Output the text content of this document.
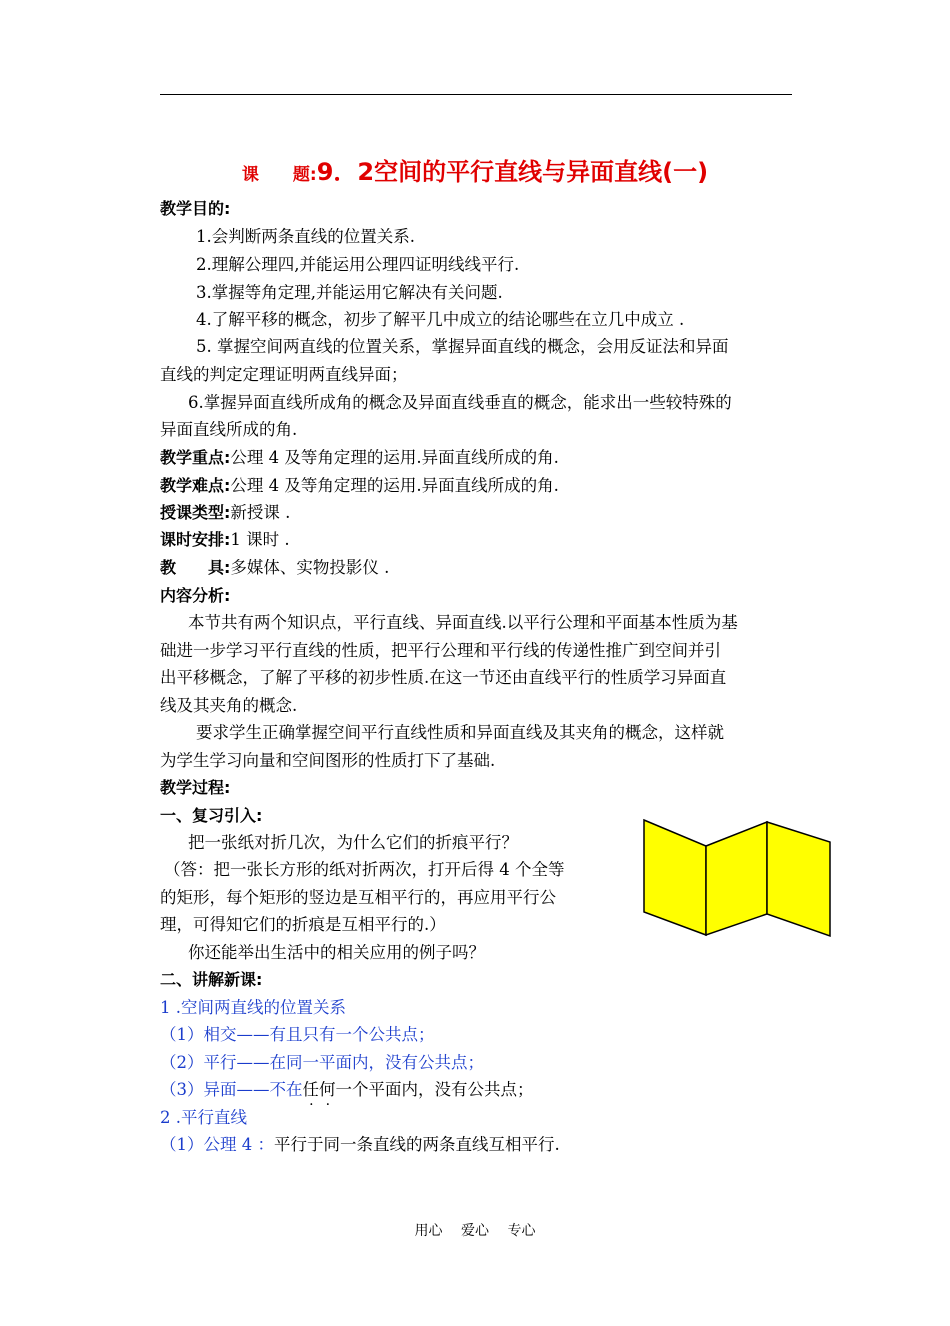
课　　题:9．2空间的平行直线与异面直线(一)
教学目的:
1.会判断两条直线的位置关系.
2.理解公理四,并能运用公理四证明线线平行.
3.掌握等角定理,并能运用它解决有关问题.
4.了解平移的概念，初步了解平几中成立的结论哪些在立几中成立 .
5. 掌握空间两直线的位置关系，掌握异面直线的概念，会用反证法和异面
直线的判定定理证明两直线异面；
6.掌握异面直线所成角的概念及异面直线垂直的概念，能求出一些较特殊的
异面直线所成的角.
教学重点:公理 4 及等角定理的运用.异面直线所成的角.
教学难点:公理 4 及等角定理的运用.异面直线所成的角.
授课类型:新授课 .
课时安排:1 课时 .
教　　具:多媒体、实物投影仪 .
内容分析:
本节共有两个知识点，平行直线、异面直线.以平行公理和平面基本性质为基
础进一步学习平行直线的性质，把平行公理和平行线的传递性推广到空间并引
出平移概念，了解了平移的初步性质.在这一节还由直线平行的性质学习异面直
线及其夹角的概念.
要求学生正确掌握空间平行直线性质和异面直线及其夹角的概念，这样就
为学生学习向量和空间图形的性质打下了基础.
教学过程:
一、复习引入:
把一张纸对折几次，为什么它们的折痕平行？
（答：把一张长方形的纸对折两次，打开后得 4 个全等
的矩形，每个矩形的竖边是互相平行的，再应用平行公
理，可得知它们的折痕是互相平行的.）
你还能举出生活中的相关应用的例子吗？
二、讲解新课:
1 .空间两直线的位置关系
（1）相交——有且只有一个公共点；
（2）平行——在同一平面内，没有公共点；
（3）异面——不在任何一个平面内，没有公共点；
2 .平行直线
（1）公理 4 ：平行于同一条直线的两条直线互相平行.
用心　 爱心　 专心
